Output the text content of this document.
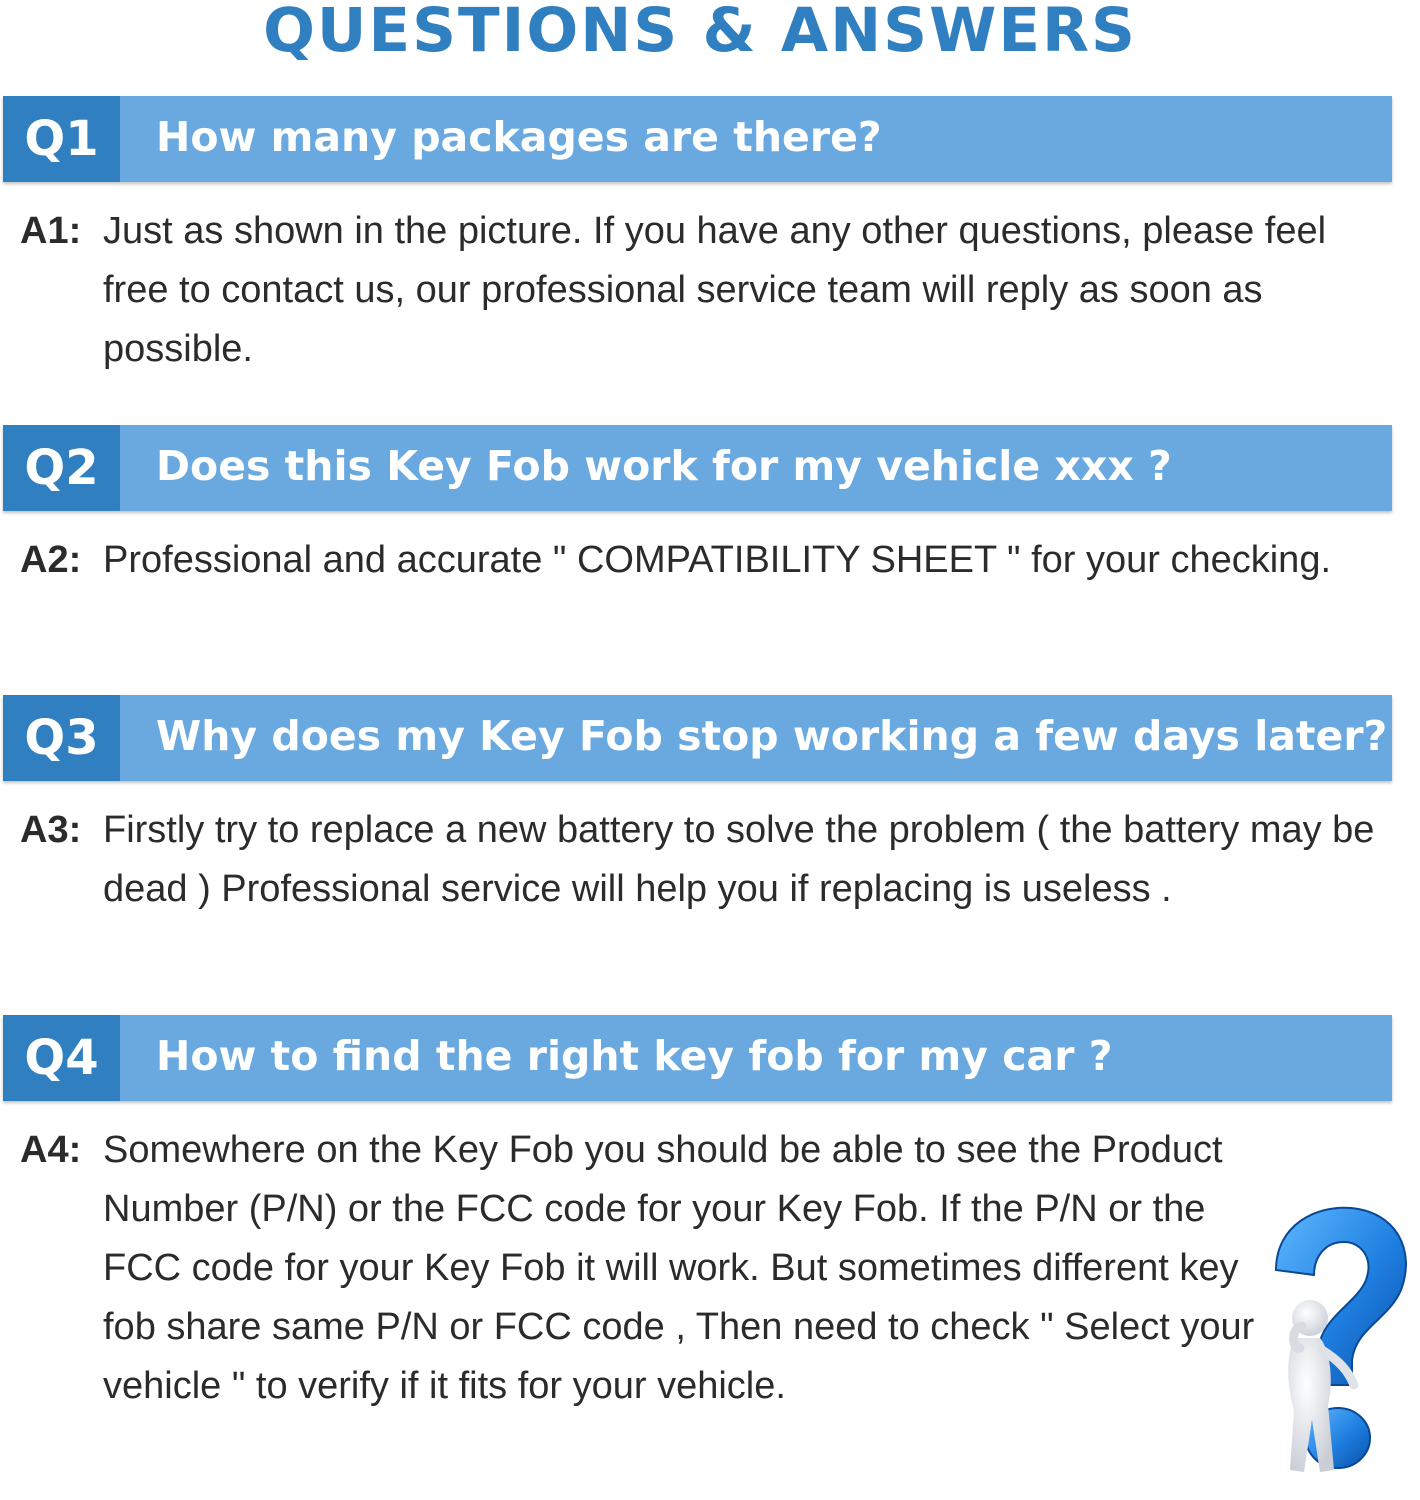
QUESTIONS & ANSWERS
Q1	How many packages are there?
A1: Just as shown in the picture. If you have any other questions, please feel free to contact us, our professional service team will reply as soon as possible.
Q2	Does this Key Fob work for my vehicle xxx ?
A2: Professional and accurate " COMPATIBILITY SHEET " for your checking.
Q3	Why does my Key Fob stop working a few days later?
A3: Firstly try to replace a new battery to solve the problem ( the battery may be dead ) Professional service will help you if replacing is useless .
Q4	How to find the right key fob for my car ?
A4: Somewhere on the Key Fob you should be able to see the Product Number (P/N) or the FCC code for your Key Fob. If the P/N or the FCC code for your Key Fob it will work. But sometimes different key fob share same P/N or FCC code , Then need to check " Select your vehicle " to verify if it fits for your vehicle.
